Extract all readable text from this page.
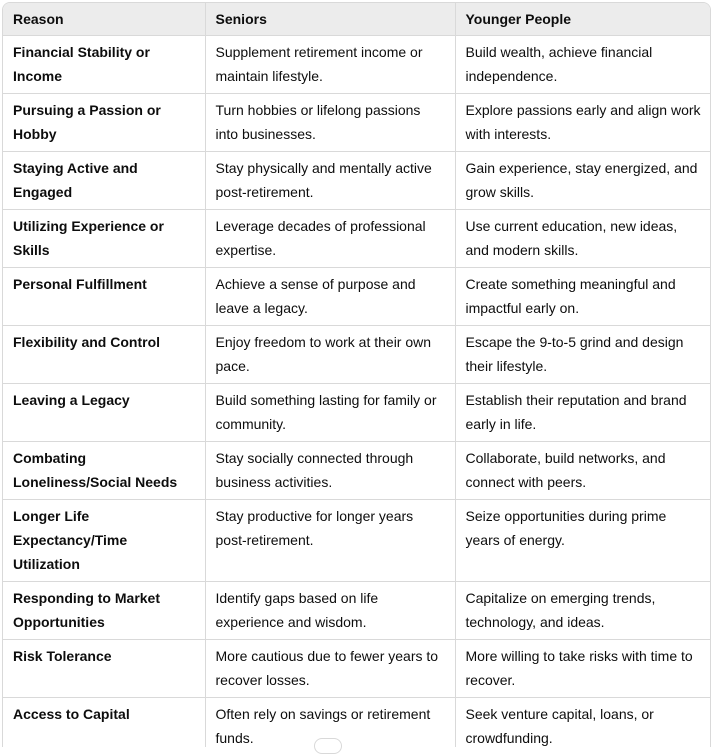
Reason	Seniors	Younger People
Financial Stability or Income	Supplement retirement income or maintain lifestyle.	Build wealth, achieve financial independence.
Pursuing a Passion or Hobby	Turn hobbies or lifelong passions into businesses.	Explore passions early and align work with interests.
Staying Active and Engaged	Stay physically and mentally active post-retirement.	Gain experience, stay energized, and grow skills.
Utilizing Experience or Skills	Leverage decades of professional expertise.	Use current education, new ideas, and modern skills.
Personal Fulfillment	Achieve a sense of purpose and leave a legacy.	Create something meaningful and impactful early on.
Flexibility and Control	Enjoy freedom to work at their own pace.	Escape the 9-to-5 grind and design their lifestyle.
Leaving a Legacy	Build something lasting for family or community.	Establish their reputation and brand early in life.
Combating Loneliness/Social Needs	Stay socially connected through business activities.	Collaborate, build networks, and connect with peers.
Longer Life Expectancy/Time Utilization	Stay productive for longer years post-retirement.	Seize opportunities during prime years of energy.
Responding to Market Opportunities	Identify gaps based on life experience and wisdom.	Capitalize on emerging trends, technology, and ideas.
Risk Tolerance	More cautious due to fewer years to recover losses.	More willing to take risks with time to recover.
Access to Capital	Often rely on savings or retirement funds.	Seek venture capital, loans, or crowdfunding.
